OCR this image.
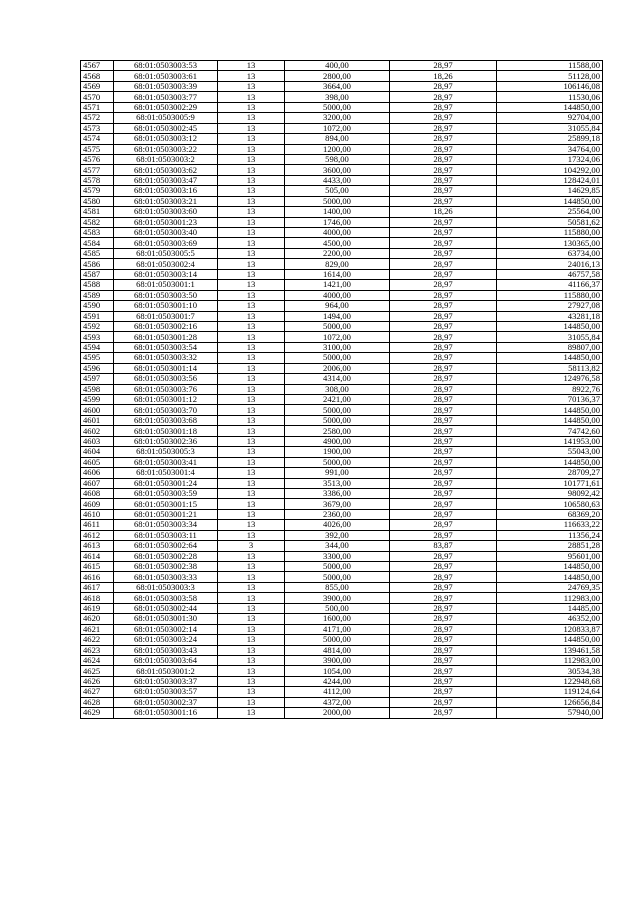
4567	68:01:0503003:53	13	400,00	28,97	11588,00
4568	68:01:0503003:61	13	2800,00	18,26	51128,00
4569	68:01:0503003:39	13	3664,00	28,97	106146,08
4570	68:01:0503003:77	13	398,00	28,97	11530,06
4571	68:01:0503002:29	13	5000,00	28,97	144850,00
4572	68:01:0503005:9	13	3200,00	28,97	92704,00
4573	68:01:0503002:45	13	1072,00	28,97	31055,84
4574	68:01:0503003:12	13	894,00	28,97	25899,18
4575	68:01:0503003:22	13	1200,00	28,97	34764,00
4576	68:01:0503003:2	13	598,00	28,97	17324,06
4577	68:01:0503003:62	13	3600,00	28,97	104292,00
4578	68:01:0503003:47	13	4433,00	28,97	128424,01
4579	68:01:0503003:16	13	505,00	28,97	14629,85
4580	68:01:0503003:21	13	5000,00	28,97	144850,00
4581	68:01:0503003:60	13	1400,00	18,26	25564,00
4582	68:01:0503001:23	13	1746,00	28,97	50581,62
4583	68:01:0503003:40	13	4000,00	28,97	115880,00
4584	68:01:0503003:69	13	4500,00	28,97	130365,00
4585	68:01:0503005:5	13	2200,00	28,97	63734,00
4586	68:01:0503002:4	13	829,00	28,97	24016,13
4587	68:01:0503003:14	13	1614,00	28,97	46757,58
4588	68:01:0503001:1	13	1421,00	28,97	41166,37
4589	68:01:0503003:50	13	4000,00	28,97	115880,00
4590	68:01:0503001:10	13	964,00	28,97	27927,08
4591	68:01:0503001:7	13	1494,00	28,97	43281,18
4592	68:01:0503002:16	13	5000,00	28,97	144850,00
4593	68:01:0503001:28	13	1072,00	28,97	31055,84
4594	68:01:0503003:54	13	3100,00	28,97	89807,00
4595	68:01:0503003:32	13	5000,00	28,97	144850,00
4596	68:01:0503001:14	13	2006,00	28,97	58113,82
4597	68:01:0503003:56	13	4314,00	28,97	124976,58
4598	68:01:0503003:76	13	308,00	28,97	8922,76
4599	68:01:0503001:12	13	2421,00	28,97	70136,37
4600	68:01:0503003:70	13	5000,00	28,97	144850,00
4601	68:01:0503003:68	13	5000,00	28,97	144850,00
4602	68:01:0503001:18	13	2580,00	28,97	74742,60
4603	68:01:0503002:36	13	4900,00	28,97	141953,00
4604	68:01:0503005:3	13	1900,00	28,97	55043,00
4605	68:01:0503003:41	13	5000,00	28,97	144850,00
4606	68:01:0503001:4	13	991,00	28,97	28709,27
4607	68:01:0503001:24	13	3513,00	28,97	101771,61
4608	68:01:0503003:59	13	3386,00	28,97	98092,42
4609	68:01:0503001:15	13	3679,00	28,97	106580,63
4610	68:01:0503001:21	13	2360,00	28,97	68369,20
4611	68:01:0503003:34	13	4026,00	28,97	116633,22
4612	68:01:0503003:11	13	392,00	28,97	11356,24
4613	68:01:0503002:64	3	344,00	83,87	28851,28
4614	68:01:0503002:28	13	3300,00	28,97	95601,00
4615	68:01:0503002:38	13	5000,00	28,97	144850,00
4616	68:01:0503003:33	13	5000,00	28,97	144850,00
4617	68:01:0503003:3	13	855,00	28,97	24769,35
4618	68:01:0503003:58	13	3900,00	28,97	112983,00
4619	68:01:0503002:44	13	500,00	28,97	14485,00
4620	68:01:0503001:30	13	1600,00	28,97	46352,00
4621	68:01:0503002:14	13	4171,00	28,97	120833,87
4622	68:01:0503003:24	13	5000,00	28,97	144850,00
4623	68:01:0503003:43	13	4814,00	28,97	139461,58
4624	68:01:0503003:64	13	3900,00	28,97	112983,00
4625	68:01:0503001:2	13	1054,00	28,97	30534,38
4626	68:01:0503003:37	13	4244,00	28,97	122948,68
4627	68:01:0503003:57	13	4112,00	28,97	119124,64
4628	68:01:0503002:37	13	4372,00	28,97	126656,84
4629	68:01:0503001:16	13	2000,00	28,97	57940,00
